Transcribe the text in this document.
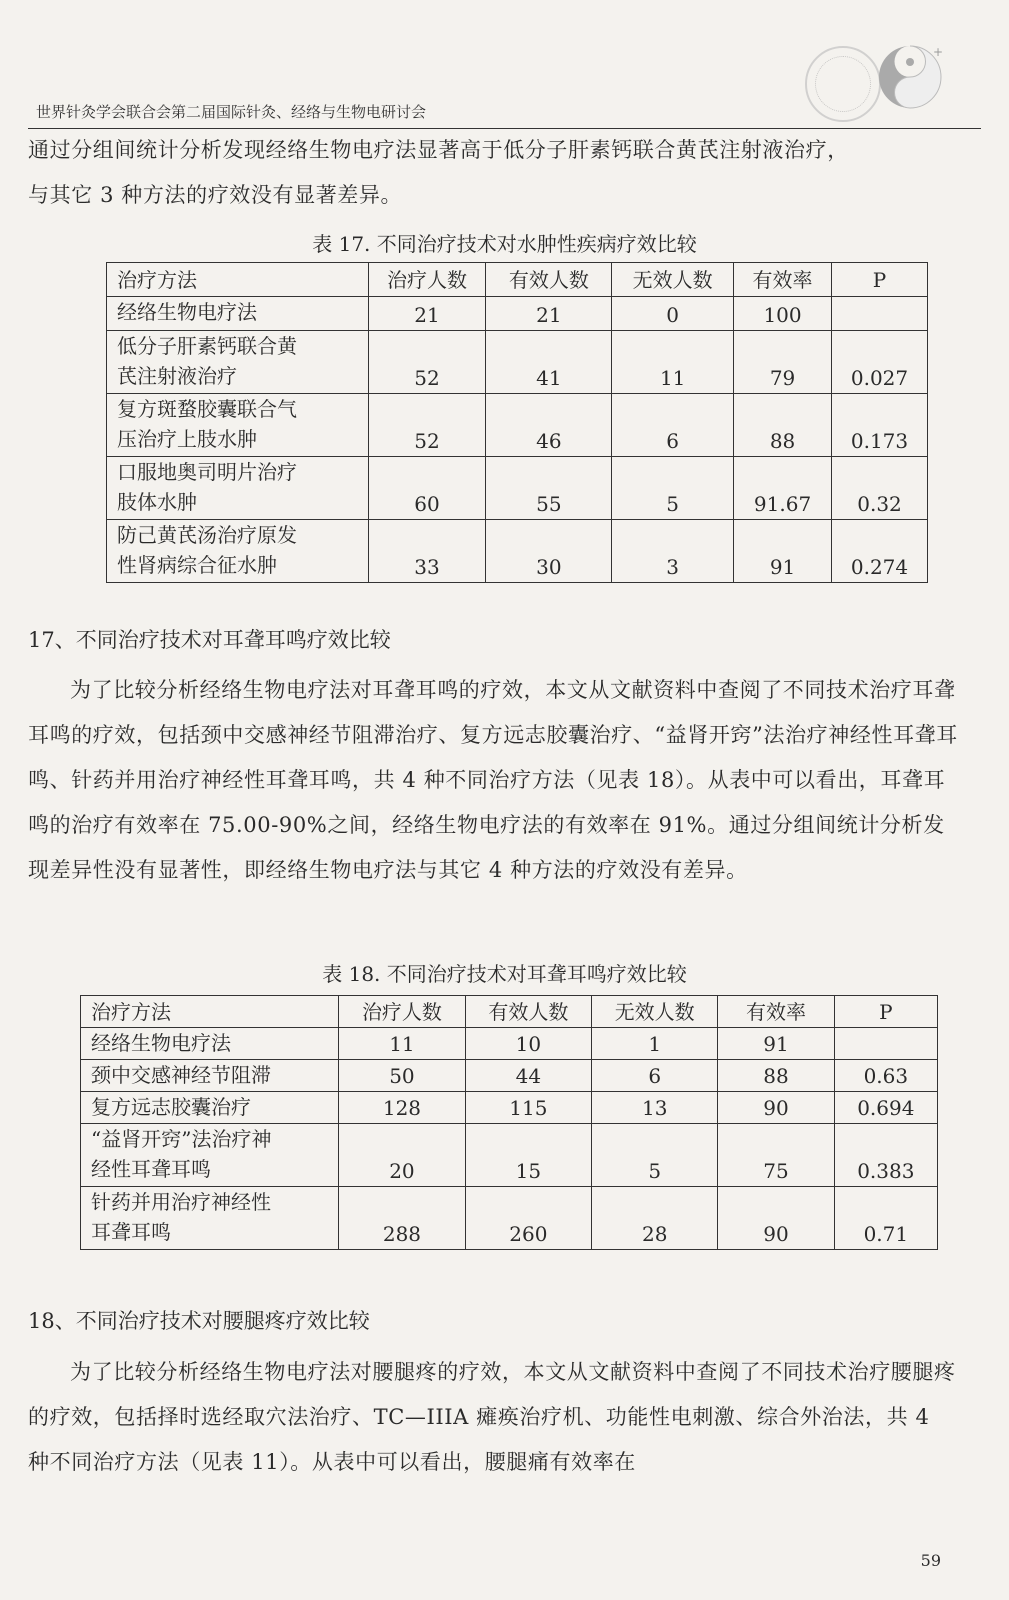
世界针灸学会联合会第二届国际针灸、经络与生物电研讨会
+
通过分组间统计分析发现经络生物电疗法显著高于低分子肝素钙联合黄芪注射液治疗，
与其它 3 种方法的疗效没有显著差异。
表 17. 不同治疗技术对水肿性疾病疗效比较
治疗方法	治疗人数	有效人数	无效人数	有效率	P

经络生物电疗法	21	21	0	100	

低分子肝素钙联合黄
芪注射液治疗	52	41	11	79	0.027

复方斑蝥胶囊联合气
压治疗上肢水肿	52	46	6	88	0.173

口服地奥司明片治疗
肢体水肿	60	55	5	91.67	0.32

防己黄芪汤治疗原发
性肾病综合征水肿	33	30	3	91	0.274
17、不同治疗技术对耳聋耳鸣疗效比较
为了比较分析经络生物电疗法对耳聋耳鸣的疗效，本文从文献资料中查阅了不同技术治疗耳聋耳鸣的疗效，包括颈中交感神经节阻滞治疗、复方远志胶囊治疗、“益肾开窍”法治疗神经性耳聋耳鸣、针药并用治疗神经性耳聋耳鸣，共 4 种不同治疗方法（见表 18）。从表中可以看出，耳聋耳鸣的治疗有效率在 75.00-90%之间，经络生物电疗法的有效率在 91%。通过分组间统计分析发现差异性没有显著性，即经络生物电疗法与其它 4 种方法的疗效没有差异。
表 18. 不同治疗技术对耳聋耳鸣疗效比较
治疗方法	治疗人数	有效人数	无效人数	有效率	P

经络生物电疗法	11	10	1	91	

颈中交感神经节阻滞	50	44	6	88	0.63

复方远志胶囊治疗	128	115	13	90	0.694

“益肾开窍”法治疗神
经性耳聋耳鸣	20	15	5	75	0.383

针药并用治疗神经性
耳聋耳鸣	288	260	28	90	0.71
18、不同治疗技术对腰腿疼疗效比较
为了比较分析经络生物电疗法对腰腿疼的疗效，本文从文献资料中查阅了不同技术治疗腰腿疼的疗效，包括择时选经取穴法治疗、TC—IIIA 瘫痪治疗机、功能性电刺激、综合外治法，共 4 种不同治疗方法（见表 11）。从表中可以看出，腰腿痛有效率在
59
